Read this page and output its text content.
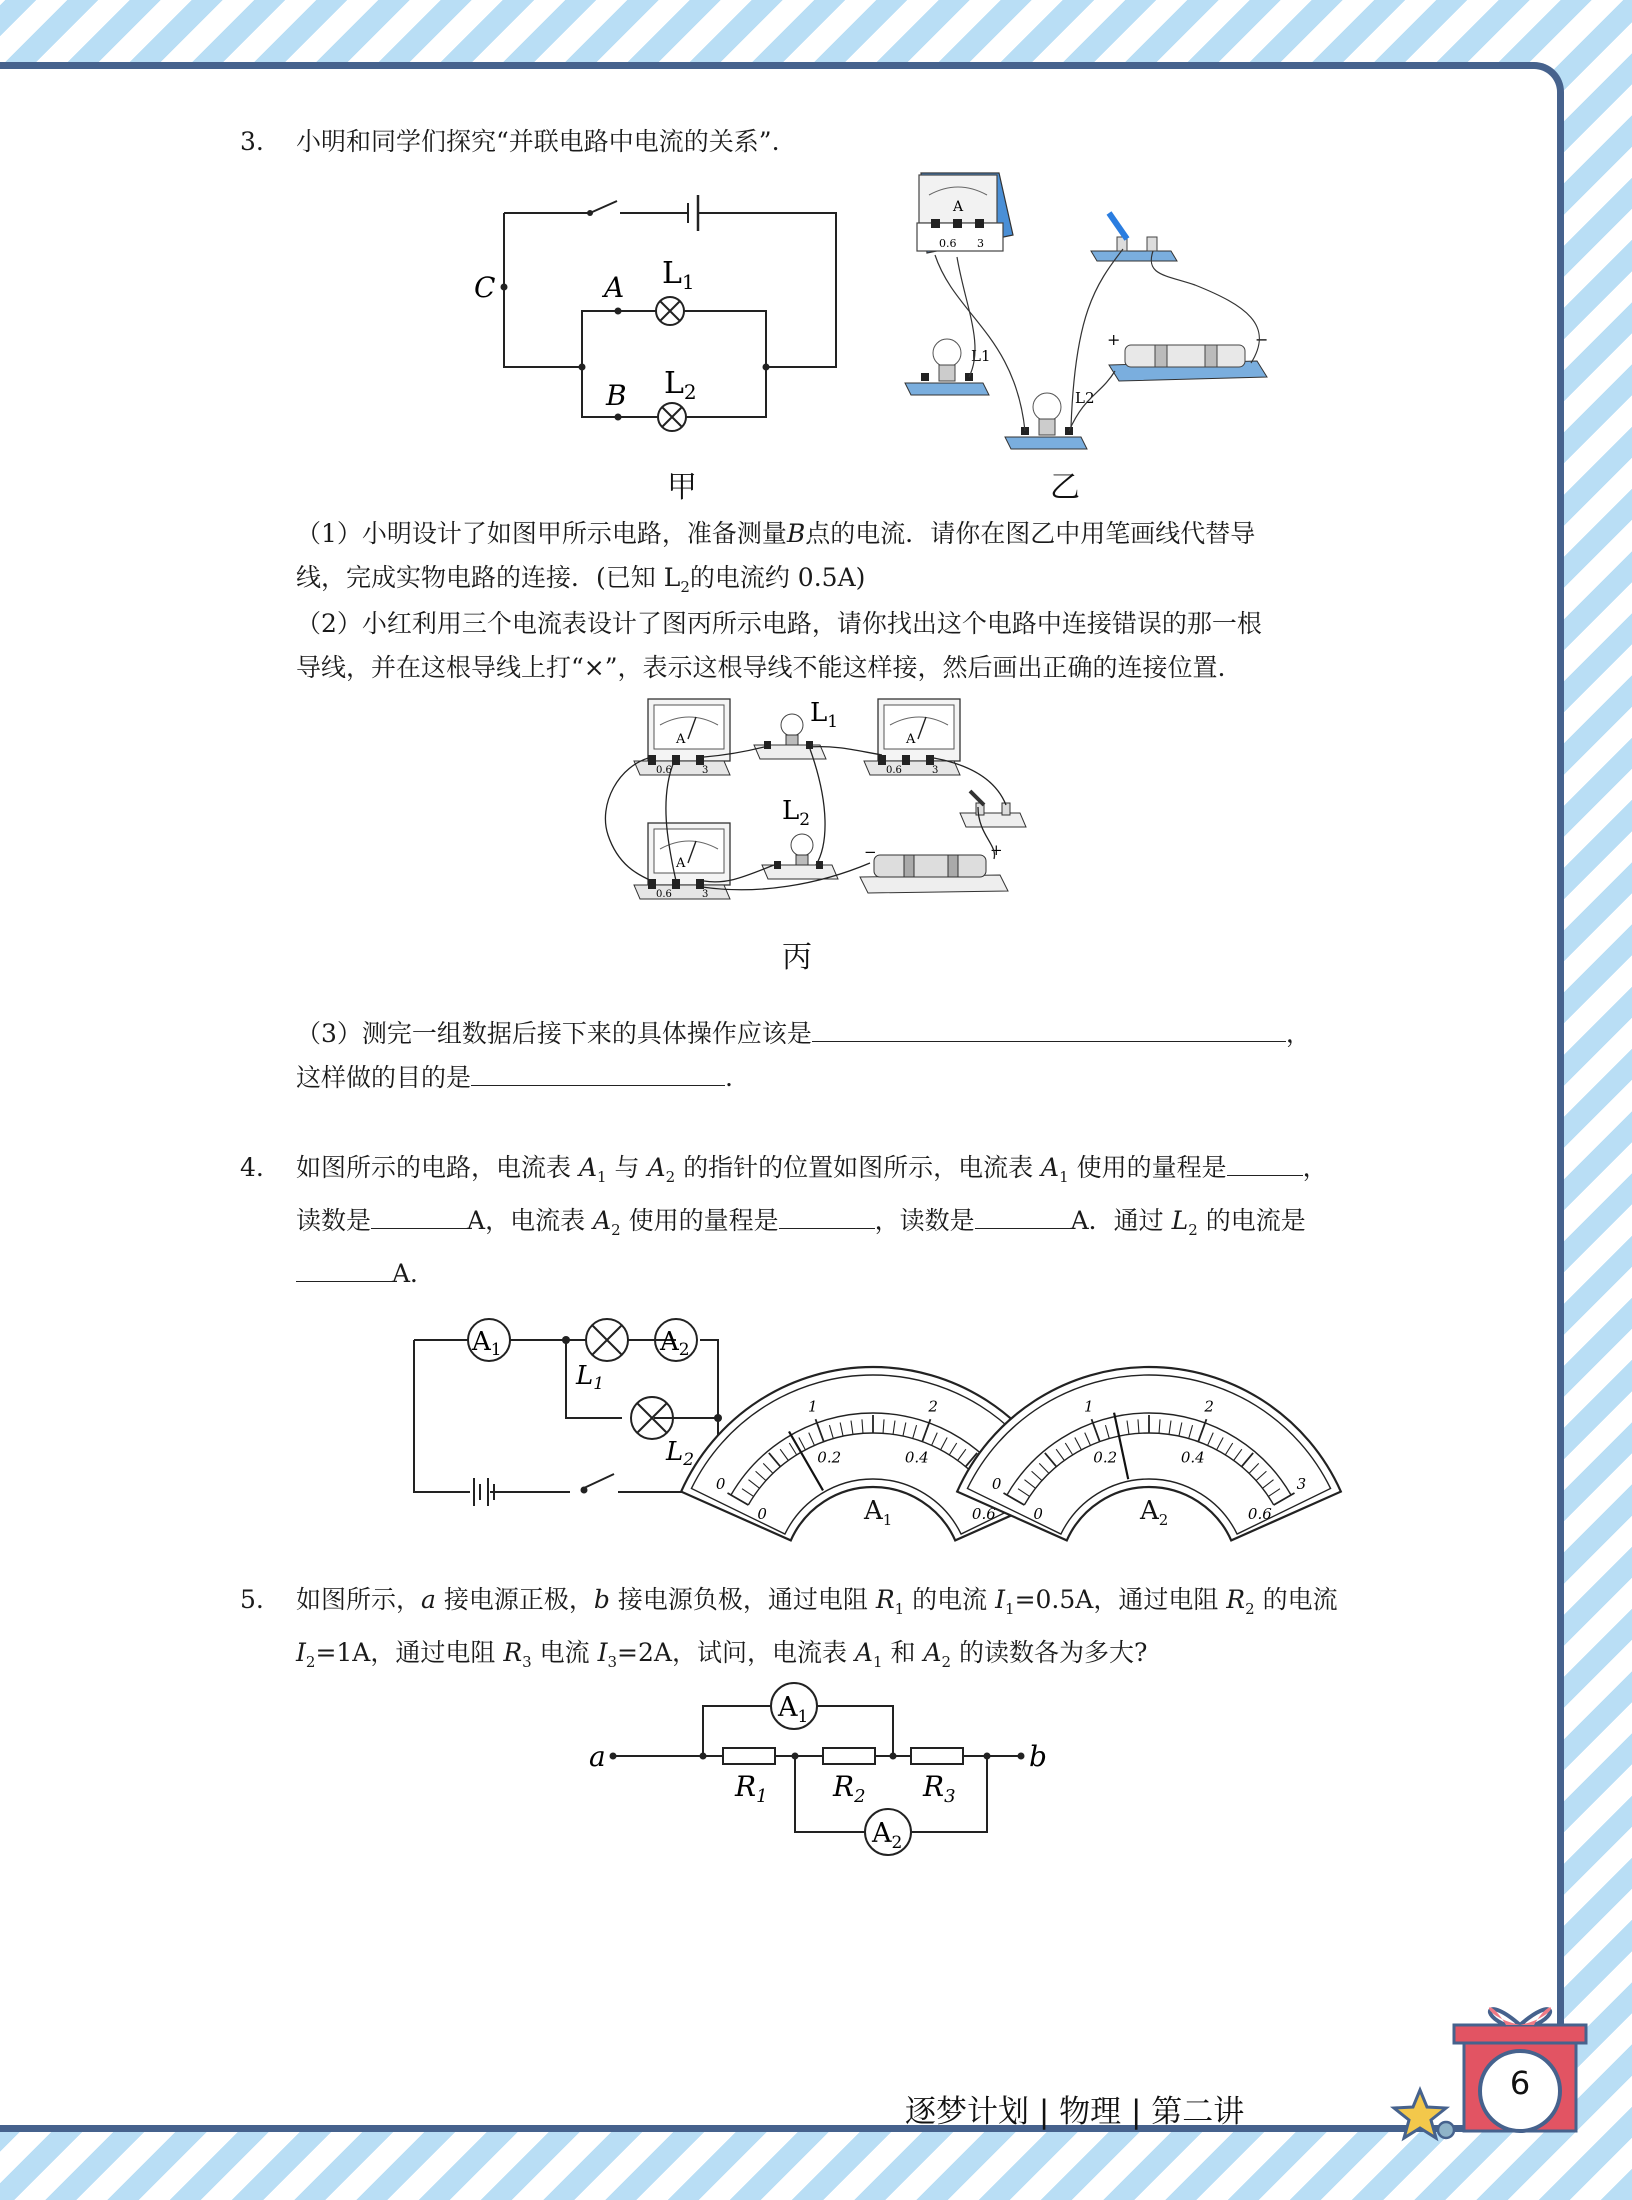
3. 小明和同学们探究“并联电路中电流的关系”.
C	A
B
$L_1$
$L_2$
甲
A
0.6 3
+	−
L1
L2
乙
（1）小明设计了如图甲所示电路，准备测量B点的电流．请你在图乙中用笔画线代替导
线，完成实物电路的连接．(已知 $L_2$的电流约 0.5A)
（2）小红利用三个电流表设计了图丙所示电路，请你找出这个电路中连接错误的那一根
导线，并在这根导线上打“×”，表示这根导线不能这样接，然后画出正确的连接位置.
A
0.6	3
A
0.6	3
A
0.6	3
$L_1$
$L_2$
−	+
丙
（3）测完一组数据后接下来的具体操作应该是	，
这样做的目的是	.
4. 如图所示的电路，电流表 $A_1$ 与 $A_2$ 的指针的位置如图所示，电流表 $A_1$ 使用的量程是	，
读数是	A，电流表 $A_2$ 使用的量程是	，读数是	A．通过 $L_2$ 的电流是
A．
A1	A2
L1
L2
0
1	2
0
0.2	0.4
0.6
0
1	2
3
0
0.2	0.4
0.6
$A_1$	$A_2$
5. 如图所示，a 接电源正极，b 接电源负极，通过电阻 $R_1$ 的电流 $I_1=0.5A$，通过电阻 $R_2$ 的电流
$I_2=1A$，通过电阻 $R_3$ 电流 $I_3=2A$，试问，电流表 $A_1$ 和 $A_2$ 的读数各为多大?
a	b
$A_1$
$A_2$
$R_1$ $R_2$ $R_3$
逐梦计划 | 物理 | 第二讲
6
